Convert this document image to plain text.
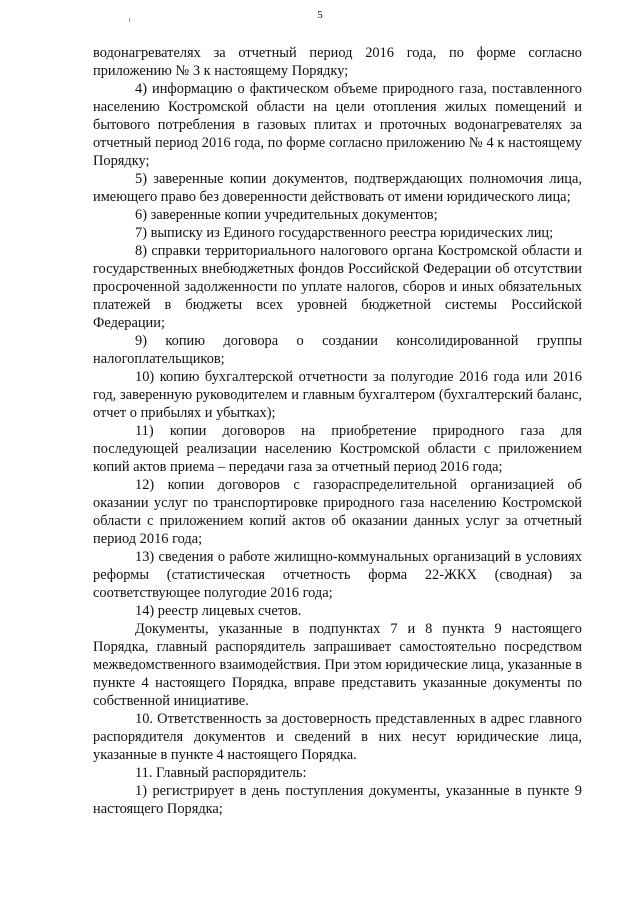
5

водонагревателях за отчетный период 2016 года, по форме согласно приложению № 3 к настоящему Порядку;

4) информацию о фактическом объеме природного газа, поставленного населению Костромской области на цели отопления жилых помещений и бытового потребления в газовых плитах и проточных водонагревателях за отчетный период 2016 года, по форме согласно приложению № 4 к настоящему Порядку;

5) заверенные копии документов, подтверждающих полномочия лица, имеющего право без доверенности действовать от имени юридического лица;

6) заверенные копии учредительных документов;

7) выписку из Единого государственного реестра юридических лиц;

8) справки территориального налогового органа Костромской области и государственных внебюджетных фондов Российской Федерации об отсутствии просроченной задолженности по уплате налогов, сборов и иных обязательных платежей в бюджеты всех уровней бюджетной системы Российской Федерации;

9) копию договора о создании консолидированной группы налогоплательщиков;

10) копию бухгалтерской отчетности за полугодие 2016 года или 2016 год, заверенную руководителем и главным бухгалтером (бухгалтерский баланс, отчет о прибылях и убытках);

11) копии договоров на приобретение природного газа для последующей реализации населению Костромской области с приложением копий актов приема – передачи газа за отчетный период 2016 года;

12) копии договоров с газораспределительной организацией об оказании услуг по транспортировке природного газа населению Костромской области с приложением копий актов об оказании данных услуг за отчетный период 2016 года;

13) сведения о работе жилищно-коммунальных организаций в условиях реформы (статистическая отчетность форма 22-ЖКХ (сводная) за соответствующее полугодие 2016 года;

14) реестр лицевых счетов.

Документы, указанные в подпунктах 7 и 8 пункта 9 настоящего Порядка, главный распорядитель запрашивает самостоятельно посредством межведомственного взаимодействия. При этом юридические лица, указанные в пункте 4 настоящего Порядка, вправе представить указанные документы по собственной инициативе.

10. Ответственность за достоверность представленных в адрес главного распорядителя документов и сведений в них несут юридические лица, указанные в пункте 4 настоящего Порядка.

11. Главный распорядитель:

1) регистрирует в день поступления документы, указанные в пункте 9 настоящего Порядка;
